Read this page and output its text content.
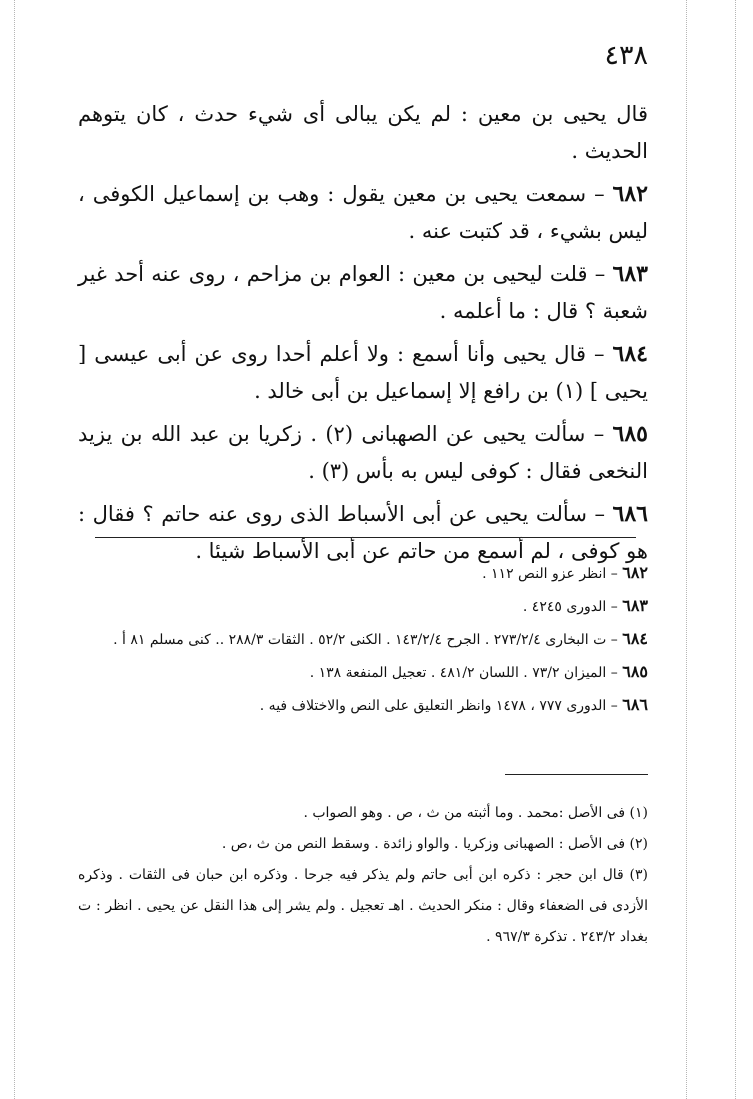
٤٣٨

قال يحيى بن معين : لم يكن يبالى أى شيء حدث ، كان يتوهم الحديث .

٦٨٢ – سمعت يحيى بن معين يقول : وهب بن إسماعيل الكوفى ، ليس بشيء ، قد كتبت عنه .

٦٨٣ – قلت ليحيى بن معين : العوام بن مزاحم ، روى عنه أحد غير شعبة ؟ قال : ما أعلمه .

٦٨٤ – قال يحيى وأنا أسمع : ولا أعلم أحدا روى عن أبى عيسى [ يحيى ] (١) بن رافع إلا إسماعيل بن أبى خالد .

٦٨٥ – سألت يحيى عن الصهبانى (٢) . زكريا بن عبد الله بن يزيد النخعى فقال : كوفى ليس به بأس (٣) .

٦٨٦ – سألت يحيى عن أبى الأسباط الذى روى عنه حاتم ؟ فقال : هو كوفى ، لم أسمع من حاتم عن أبى الأسباط شيئا .

٦٨٢ – انظر عزو النص ١١٢ .

٦٨٣ – الدورى ٤٢٤٥ .

٦٨٤ – ت البخارى ٢٧٣/٢/٤ . الجرح ١٤٣/٢/٤ . الكنى ٥٢/٢ . الثقات ٢٨٨/٣ .. كنى مسلم ٨١ أ .

٦٨٥ – الميزان ٧٣/٢ . اللسان ٤٨١/٢ . تعجيل المنفعة ١٣٨ .

٦٨٦ – الدورى ٧٧٧ ، ١٤٧٨ وانظر التعليق على النص والاختلاف فيه .

(١) فى الأصل :محمد . وما أثبته من ث ، ص . وهو الصواب .

(٢) فى الأصل : الصهبانى وزكريا . والواو زائدة . وسقط النص من ث ،ص .

(٣) قال ابن حجر : ذكره ابن أبى حاتم ولم يذكر فيه جرحا . وذكره ابن حبان فى الثقات . وذكره الأزدى فى الضعفاء وقال : منكر الحديث . اهـ تعجيل . ولم يشر إلى هذا النقل عن يحيى . انظر : ت بغداد ٢٤٣/٢ . تذكرة ٩٦٧/٣ .
